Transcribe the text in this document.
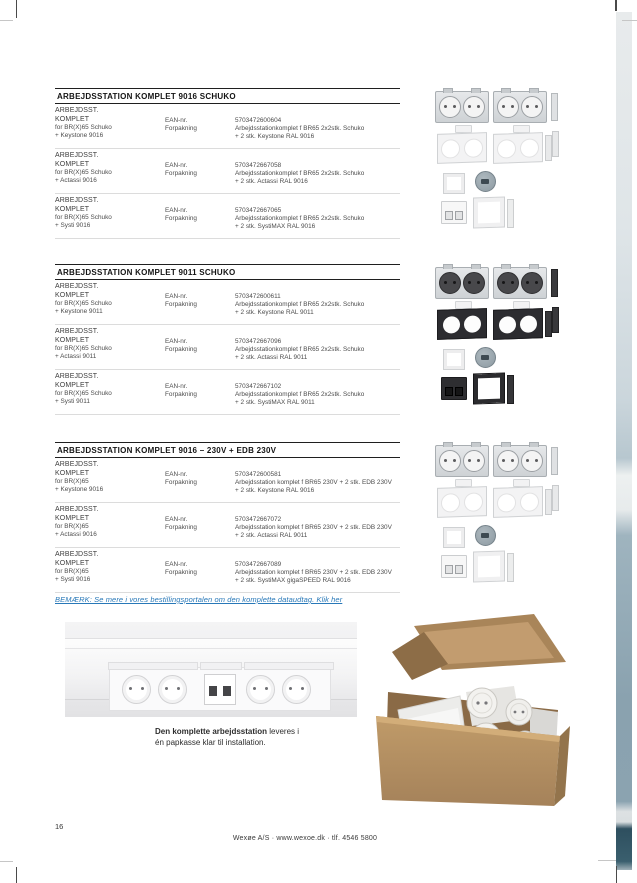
ARBEJDSSTATION KOMPLET 9016 SCHUKO
ARBEJDSST.
KOMPLET
for BR(X)65 Schuko
+ Keystone 9016
EAN-nr.
Forpakning
5703472600604
Arbejdsstationkomplet f BR65 2x2stk. Schuko
+ 2 stk. Keystone RAL 9016
ARBEJDSST.
KOMPLET
for BR(X)65 Schuko
+ Actassi 9016
EAN-nr.
Forpakning
5703472667058
Arbejdsstationkomplet f BR65 2x2stk. Schuko
+ 2 stk. Actassi RAL 9016
ARBEJDSST.
KOMPLET
for BR(X)65 Schuko
+ Systi 9016
EAN-nr.
Forpakning
5703472667065
Arbejdsstationkomplet f BR65 2x2stk. Schuko
+ 2 stk. SystiMAX RAL 9016
ARBEJDSSTATION KOMPLET 9011 SCHUKO
ARBEJDSST.
KOMPLET
for BR(X)65 Schuko
+ Keystone 9011
EAN-nr.
Forpakning
5703472600611
Arbejdsstationkomplet f BR65 2x2stk. Schuko
+ 2 stk. Keystone RAL 9011
ARBEJDSST.
KOMPLET
for BR(X)65 Schuko
+ Actassi 9011
EAN-nr.
Forpakning
5703472667096
Arbejdsstationkomplet f BR65 2x2stk. Schuko
+ 2 stk. Actassi RAL 9011
ARBEJDSST.
KOMPLET
for BR(X)65 Schuko
+ Systi 9011
EAN-nr.
Forpakning
5703472667102
Arbejdsstationkomplet f BR65 2x2stk. Schuko
+ 2 stk. SystiMAX RAL 9011
ARBEJDSSTATION KOMPLET 9016 – 230V + EDB 230V
ARBEJDSST.
KOMPLET
for BR(X)65
+ Keystone 9016
EAN-nr.
Forpakning
5703472600581
Arbejdsstation komplet f BR65 230V + 2 stk. EDB 230V
+ 2 stk. Keystone RAL 9016
ARBEJDSST.
KOMPLET
for BR(X)65
+ Actassi 9016
EAN-nr.
Forpakning
5703472667072
Arbejdsstation komplet f BR65 230V + 2 stk. EDB 230V
+ 2 stk. Actassi RAL 9011
ARBEJDSST.
KOMPLET
for BR(X)65
+ Systi 9016
EAN-nr.
Forpakning
5703472667089
Arbejdsstation komplet f BR65 230V + 2 stk. EDB 230V
+ 2 stk. SystiMAX gigaSPEED RAL 9016
BEMÆRK: Se mere i vores bestillingsportalen om den komplette dataudtag. Klik her
Den komplette arbejdsstation leveres i
én papkasse klar til installation.
16
Wexøe A/S · www.wexoe.dk · tlf. 4546 5800
